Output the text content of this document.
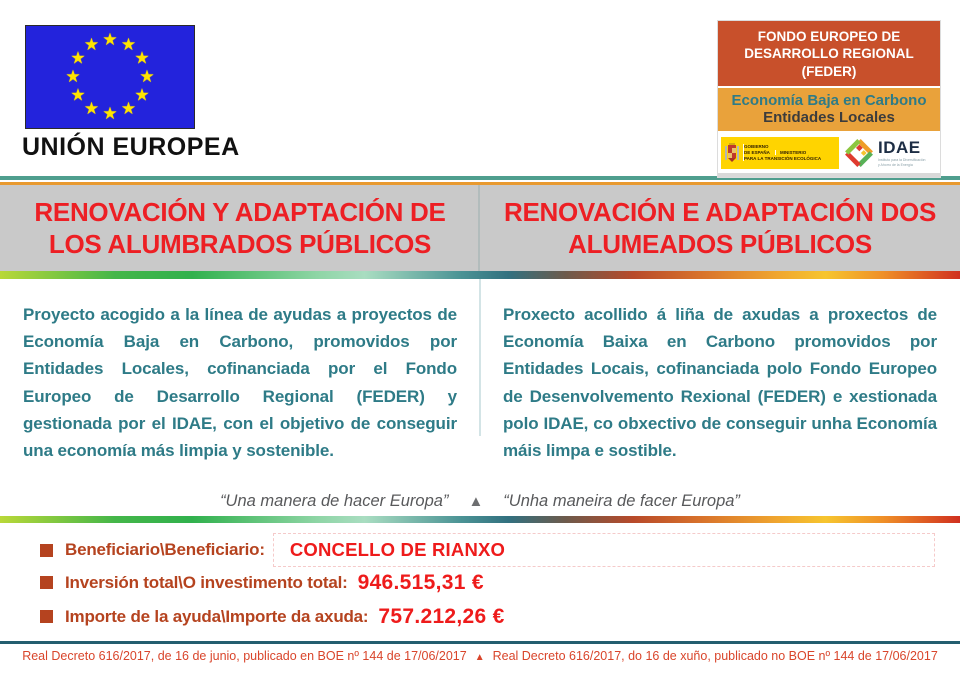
★ ★
★
★
★
★
★
★
★
★
★
★
UNIÓN EUROPEA
FONDO EUROPEO DE
DESARROLLO REGIONAL
(FEDER)
Economía Baja en Carbono
Entidades Locales
GOBIERNO
DE ESPAÑA MINISTERIO
PARA LA TRANSICIÓN ECOLÓGICA
IDAE
Instituto para la Diversificación
y Ahorro de la Energía
RENOVACIÓN Y ADAPTACIÓN DE
LOS ALUMBRADOS PÚBLICOS
RENOVACIÓN E ADAPTACIÓN DOS
ALUMEADOS PÚBLICOS

Proyecto acogido a la línea de ayudas a proyectos de Economía Baja en Carbono, promovidos por Entidades Locales, cofinanciada por el Fondo Europeo de Desarrollo Regional (FEDER) y gestionada por el IDAE, con el objetivo de conseguir una economía más limpia y sostenible.

Proxecto acollido á liña de axudas a proxectos de Economía Baixa en Carbono promovidos por Entidades Locais, cofinanciada polo Fondo Europeo de Desenvolvemento Rexional (FEDER) e xestionada polo IDAE, co obxectivo de conseguir unha Economía máis limpa e sostible.

“Una manera de hacer Europa” ▲ “Unha maneira de facer Europa”
Beneficiario\Beneficiario: CONCELLO DE RIANXO
Inversión total\O investimento total: 946.515,31 €
Importe de la ayuda\Importe da axuda: 757.212,26 €
Real Decreto 616/2017, de 16 de junio, publicado en BOE nº 144 de 17/06/2017 ▲ Real Decreto 616/2017, do 16 de xuño, publicado no BOE nº 144 de 17/06/2017
